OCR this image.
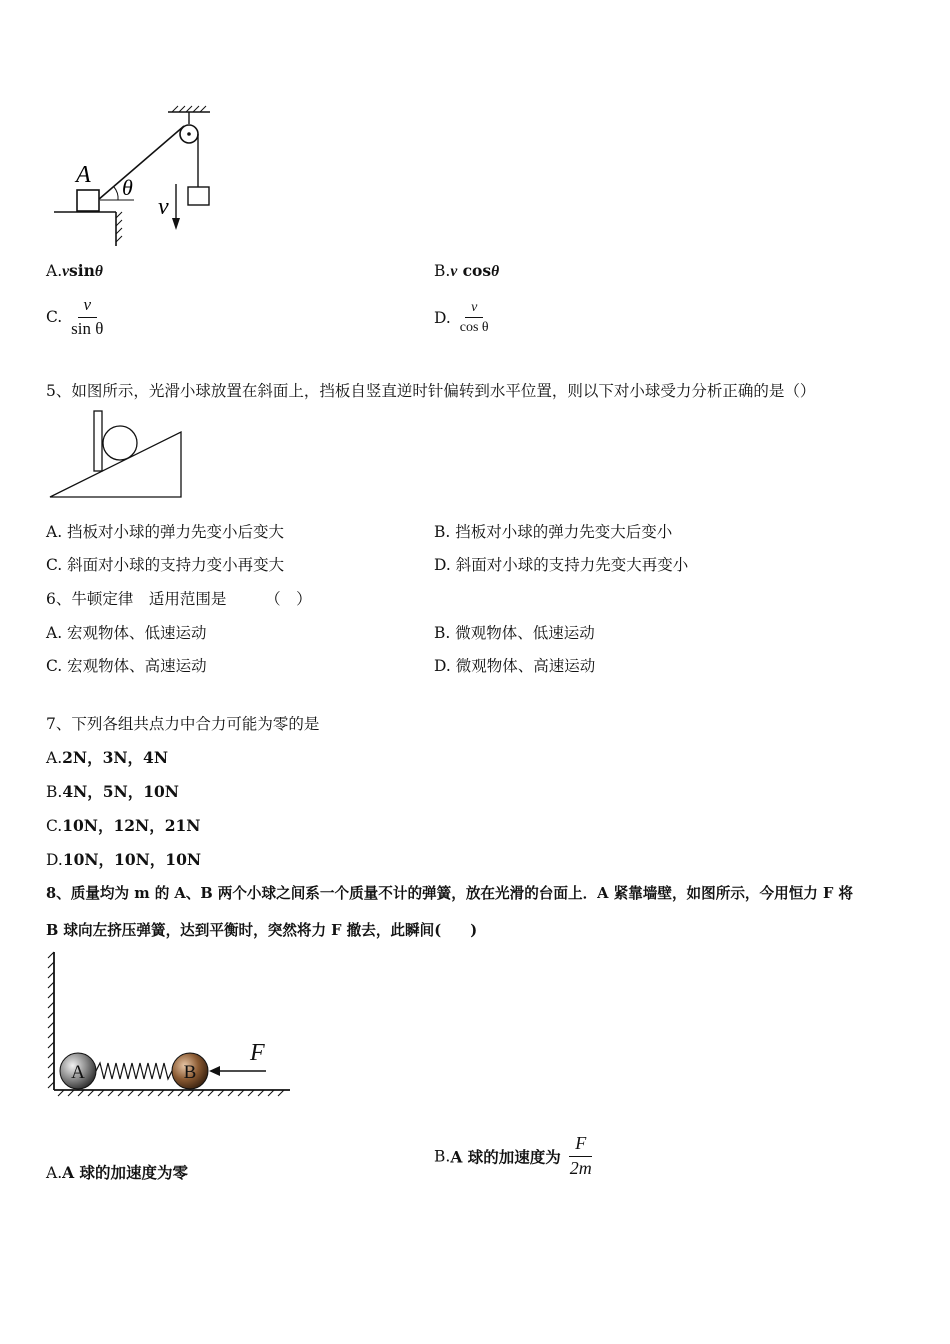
A θ
v
A.vsinθ	B.v cosθ
C. $\frac{v}{\text{sin θ}}$	D. $\frac{v}{\text{cos θ}}$
5、如图所示，光滑小球放置在斜面上，挡板自竖直逆时针偏转到水平位置，则以下对小球受力分析正确的是（）
A. 挡板对小球的弹力先变小后变大	B. 挡板对小球的弹力先变大后变小
C. 斜面对小球的支持力变小再变大	D. 斜面对小球的支持力先变大再变小
6、牛顿定律　适用范围是　　　（　）
A. 宏观物体、低速运动	B. 微观物体、低速运动
C. 宏观物体、高速运动	D. 微观物体、高速运动
7、下列各组共点力中合力可能为零的是
A.2N，3N，4N
B.4N，5N，10N
C.10N，12N，21N
D.10N，10N，10N
8、质量均为 m 的 A、B 两个小球之间系一个质量不计的弹簧，放在光滑的台面上．A 紧靠墙壁，如图所示，今用恒力 F 将
B 球向左挤压弹簧，达到平衡时，突然将力 F 撤去，此瞬间(　　)
A	B
F
A.A 球的加速度为零
B.A 球的加速度为 $\frac{F}{2m}$
